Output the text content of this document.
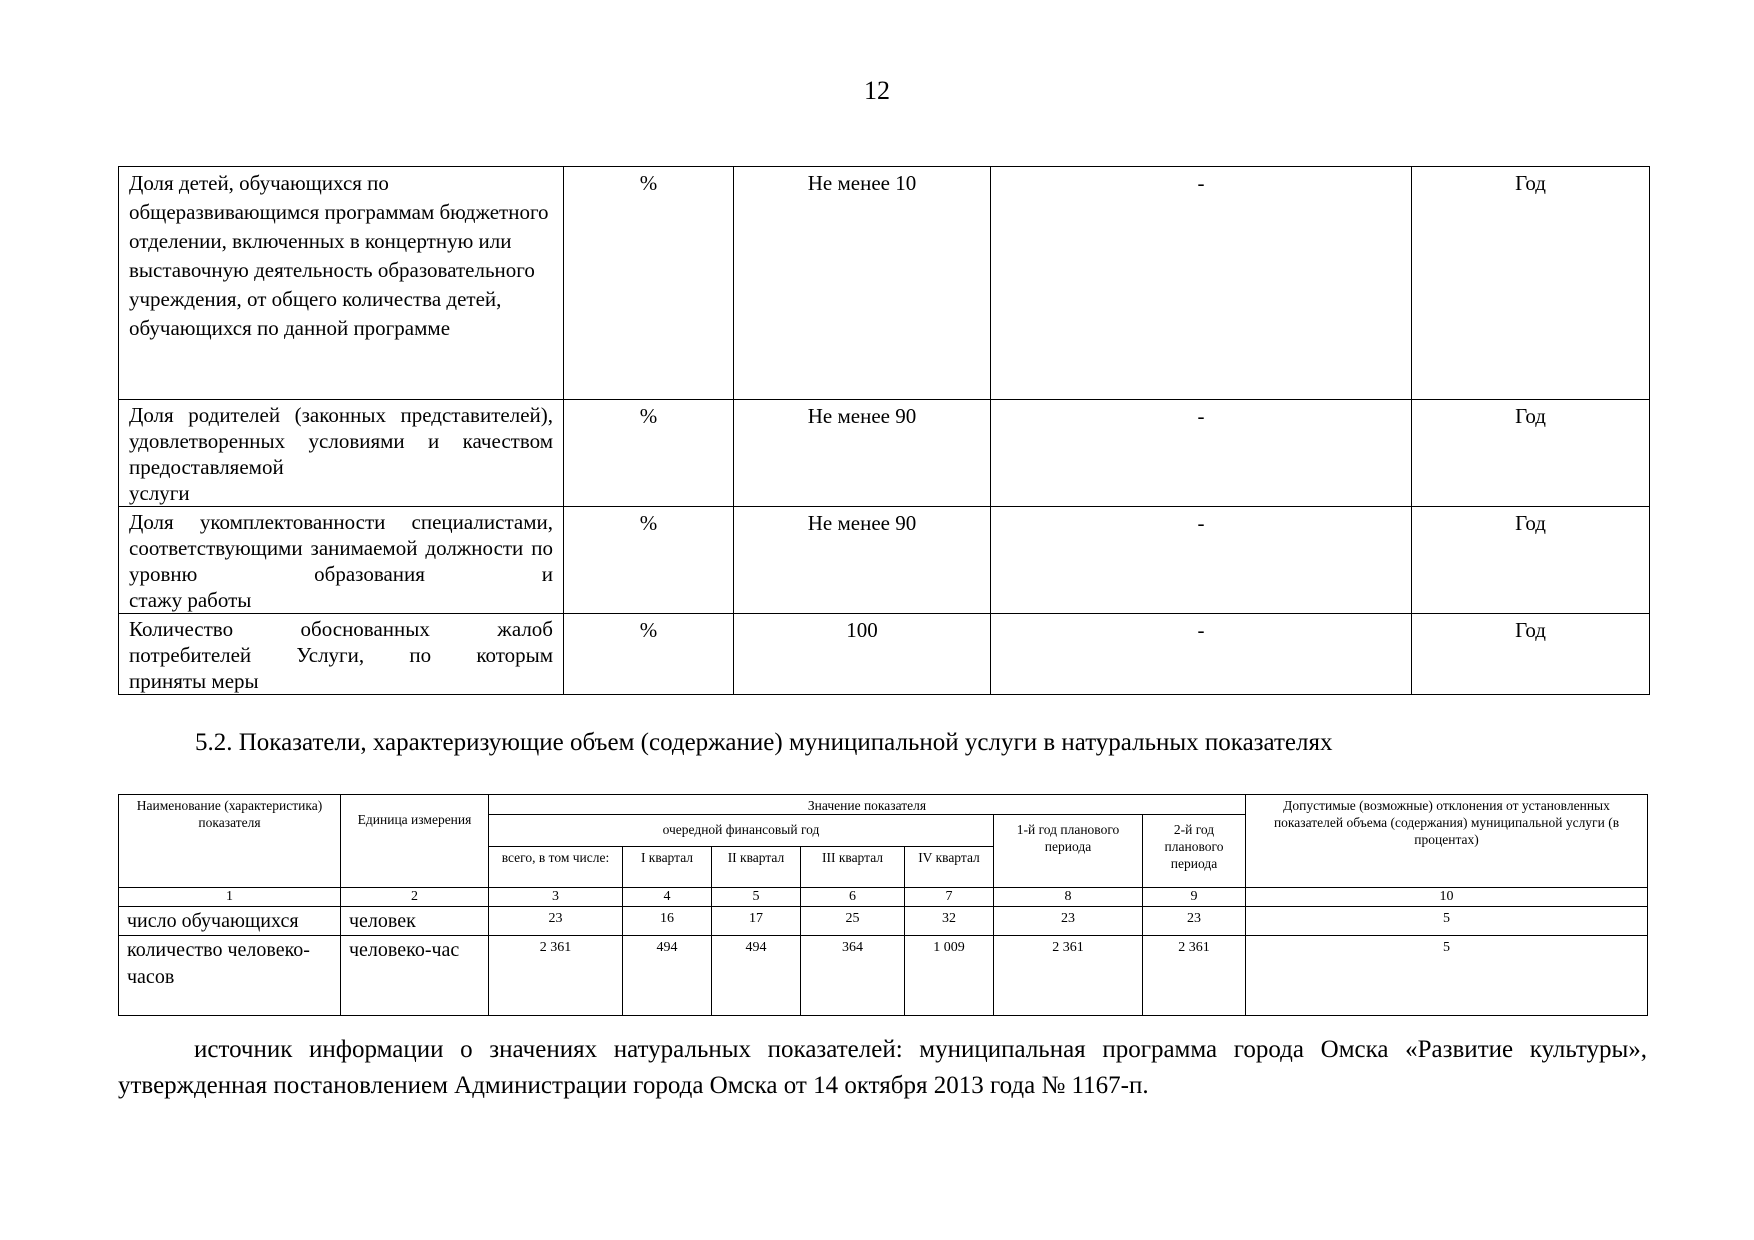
12
Доля детей, обучающихся по общеразвивающимся программам бюджетного отделении, включенных в концертную или выставочную деятельность образовательного учреждения, от общего количества детей, обучающихся по данной программе	%	Не менее 10	-	Год
Доля родителей (законных представителей), удовлетворенных условиями и качеством предоставляемой
услуги	%	Не менее 90	-	Год
Доля укомплектованности специалистами, соответствующими занимаемой должности по уровню образования и
стажу работы	%	Не менее 90	-	Год
Количество обоснованных жалоб потребителей Услуги, по которым
приняты меры	%	100	-	Год
5.2. Показатели, характеризующие объем (содержание) муниципальной услуги в натуральных показателях
Наименование (характеристика) показателя	Единица измерения	Значение показателя							Допустимые (возможные) отклонения от установленных показателей объема (содержания) муниципальной услуги (в процентах)
		очередной финансовый год					1-й год планового периода	2-й год планового периода	
		всего, в том числе:	I квартал	II квартал	III квартал	IV квартал			
1	2	3	4	5	6	7	8	9	10
число обучающихся	человек	23	16	17	25	32	23	23	5
количество человеко-часов	человеко-час	2 361	494	494	364	1 009	2 361	2 361	5
источник информации о значениях натуральных показателей: муниципальная программа города Омска «Развитие культуры», утвержденная постановлением Администрации города Омска от 14 октября 2013 года № 1167-п.
